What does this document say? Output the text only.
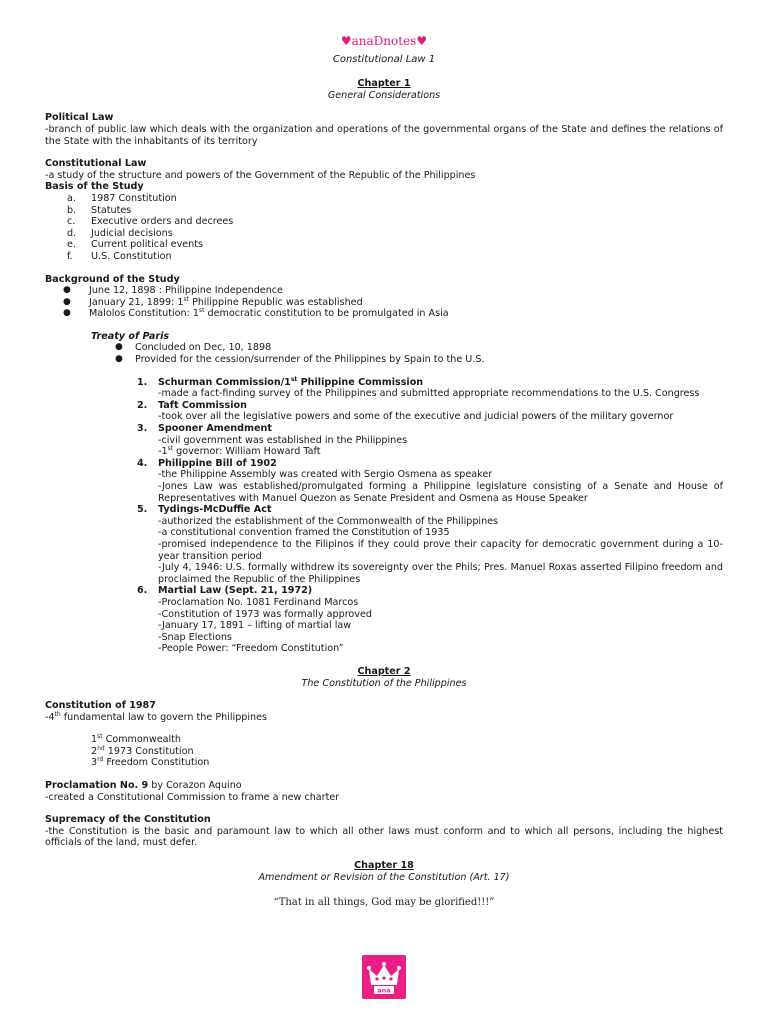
♥anaDnotes♥
Constitutional Law 1
Chapter 1
General Considerations
Political Law

-branch of public law which deals with the organization and operations of the governmental organs of the State and defines the relations of the State with the inhabitants of its territory

Constitutional Law

-a study of the structure and powers of the Government of the Republic of the Philippines

Basis of the Study
a.	1987 Constitution
b.	Statutes
c.	Executive orders and decrees
d.	Judicial decisions
e.	Current political events
f.	U.S. Constitution
Background of the Study
●	June 12, 1898 : Philippine Independence
●	January 21, 1899: 1st Philippine Republic was established
●	Malolos Constitution: 1st democratic constitution to be promulgated in Asia
Treaty of Paris
●	Concluded on Dec, 10, 1898
●	Provided for the cession/surrender of the Philippines by Spain to the U.S.
1.	Schurman Commission/1st Philippine Commission
-made a fact-finding survey of the Philippines and submitted appropriate recommendations to the U.S. Congress
2.	Taft Commission
-took over all the legislative powers and some of the executive and judicial powers of the military governor
3.	Spooner Amendment
-civil government was established in the Philippines
-1st governor: William Howard Taft
4.	Philippine Bill of 1902
-the Philippine Assembly was created with Sergio Osmena as speaker
-Jones Law was established/promulgated forming a Philippine legislature consisting of a Senate and House of Representatives with Manuel Quezon as Senate President and Osmena as House Speaker
5.	Tydings-McDuffie Act
-authorized the establishment of the Commonwealth of the Philippines
-a constitutional convention framed the Constitution of 1935
-promised independence to the Filipinos if they could prove their capacity for democratic government during a 10-year transition period
-July 4, 1946: U.S. formally withdrew its sovereignty over the Phils; Pres. Manuel Roxas asserted Filipino freedom and proclaimed the Republic of the Philippines
6.	Martial Law (Sept. 21, 1972)
-Proclamation No. 1081 Ferdinand Marcos
-Constitution of 1973 was formally approved
-January 17, 1891 – lifting of martial law
-Snap Elections
-People Power: “Freedom Constitution”
Chapter 2
The Constitution of the Philippines
Constitution of 1987

-4th fundamental law to govern the Philippines

1st Commonwealth
2nd 1973 Constitution
3rd Freedom Constitution
Proclamation No. 9 by Corazon Aquino

-created a Constitutional Commission to frame a new charter

Supremacy of the Constitution

-the Constitution is the basic and paramount law to which all other laws must conform and to which all persons, including the highest officials of the land, must defer.

Chapter 18
Amendment or Revision of the Constitution (Art. 17)
“That in all things, God may be glorified!!!”
ana
